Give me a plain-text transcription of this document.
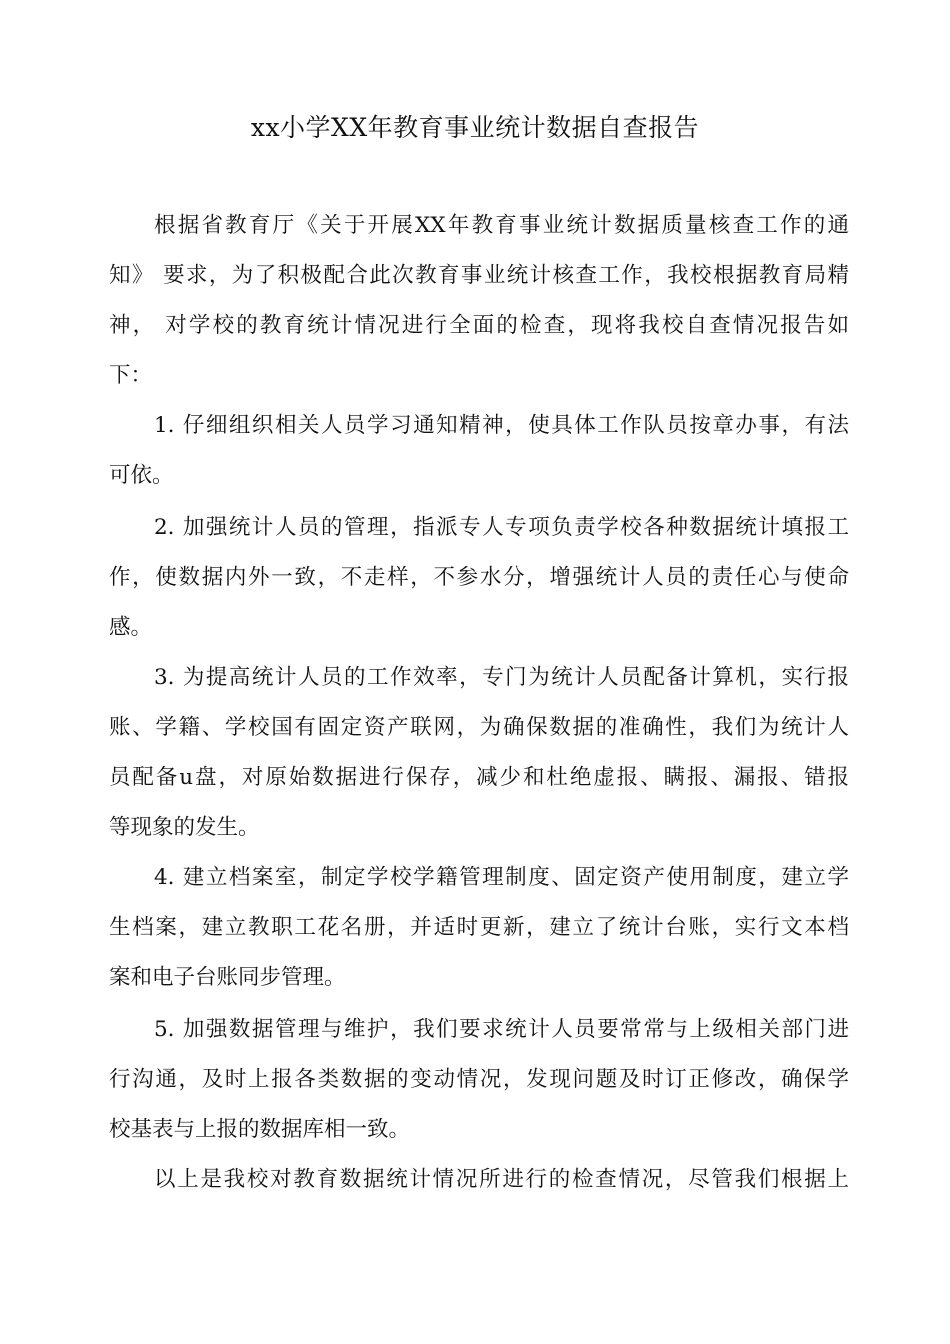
xx小学XX年教育事业统计数据自查报告

根据省教育厅《关于开展XX年教育事业统计数据质量核查工作的通

知》 要求，为了积极配合此次教育事业统计核查工作，我校根据教育局精

神， 对学校的教育统计情况进行全面的检查，现将我校自查情况报告如

下：

1. 仔细组织相关人员学习通知精神，使具体工作队员按章办事，有法

可依。

2. 加强统计人员的管理，指派专人专项负责学校各种数据统计填报工

作，使数据内外一致，不走样，不参水分，增强统计人员的责任心与使命

感。

3. 为提高统计人员的工作效率，专门为统计人员配备计算机，实行报

账、学籍、学校国有固定资产联网，为确保数据的准确性，我们为统计人

员配备u盘，对原始数据进行保存，减少和杜绝虚报、瞒报、漏报、错报

等现象的发生。

4. 建立档案室，制定学校学籍管理制度、固定资产使用制度，建立学

生档案，建立教职工花名册，并适时更新，建立了统计台账，实行文本档

案和电子台账同步管理。

5. 加强数据管理与维护，我们要求统计人员要常常与上级相关部门进

行沟通，及时上报各类数据的变动情况，发现问题及时订正修改，确保学

校基表与上报的数据库相一致。

以上是我校对教育数据统计情况所进行的检查情况，尽管我们根据上
